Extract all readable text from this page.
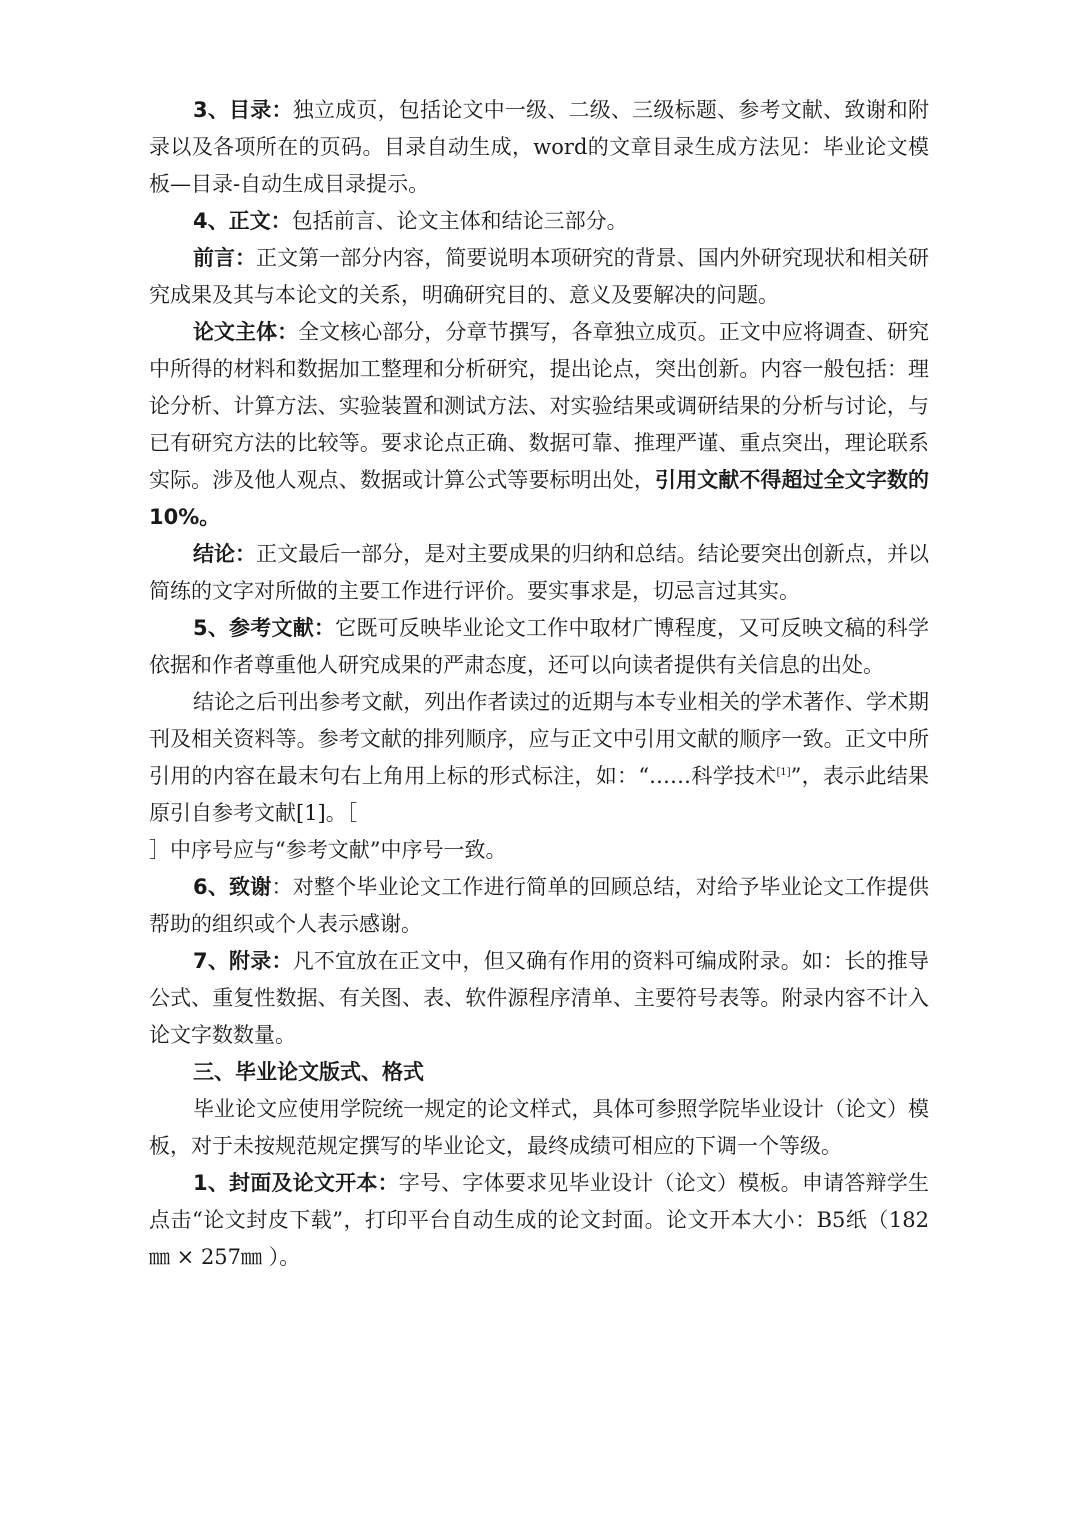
3、目录：独立成页，包括论文中一级、二级、三级标题、参考文献、致谢和附录以及各项所在的页码。目录自动生成，word的文章目录生成方法见：毕业论文模板—目录-自动生成目录提示。

4、正文：包括前言、论文主体和结论三部分。

前言：正文第一部分内容，简要说明本项研究的背景、国内外研究现状和相关研究成果及其与本论文的关系，明确研究目的、意义及要解决的问题。

论文主体：全文核心部分，分章节撰写，各章独立成页。正文中应将调查、研究中所得的材料和数据加工整理和分析研究，提出论点，突出创新。内容一般包括：理论分析、计算方法、实验装置和测试方法、对实验结果或调研结果的分析与讨论，与已有研究方法的比较等。要求论点正确、数据可靠、推理严谨、重点突出，理论联系实际。涉及他人观点、数据或计算公式等要标明出处，引用文献不得超过全文字数的10%。

结论：正文最后一部分，是对主要成果的归纳和总结。结论要突出创新点，并以简练的文字对所做的主要工作进行评价。要实事求是，切忌言过其实。

5、参考文献：它既可反映毕业论文工作中取材广博程度，又可反映文稿的科学依据和作者尊重他人研究成果的严肃态度，还可以向读者提供有关信息的出处。

结论之后刊出参考文献，列出作者读过的近期与本专业相关的学术著作、学术期刊及相关资料等。参考文献的排列顺序，应与正文中引用文献的顺序一致。正文中所引用的内容在最末句右上角用上标的形式标注，如：“……科学技术[1]”，表示此结果原引自参考文献[1]。［

］中序号应与“参考文献”中序号一致。

6、致谢：对整个毕业论文工作进行简单的回顾总结，对给予毕业论文工作提供帮助的组织或个人表示感谢。

7、附录：凡不宜放在正文中，但又确有作用的资料可编成附录。如：长的推导公式、重复性数据、有关图、表、软件源程序清单、主要符号表等。附录内容不计入论文字数数量。

三、毕业论文版式、格式

毕业论文应使用学院统一规定的论文样式，具体可参照学院毕业设计（论文）模板，对于未按规范规定撰写的毕业论文，最终成绩可相应的下调一个等级。

1、封面及论文开本：字号、字体要求见毕业设计（论文）模板。申请答辩学生点击“论文封皮下载”，打印平台自动生成的论文封面。论文开本大小：B5纸（182㎜ × 257㎜ ）。
